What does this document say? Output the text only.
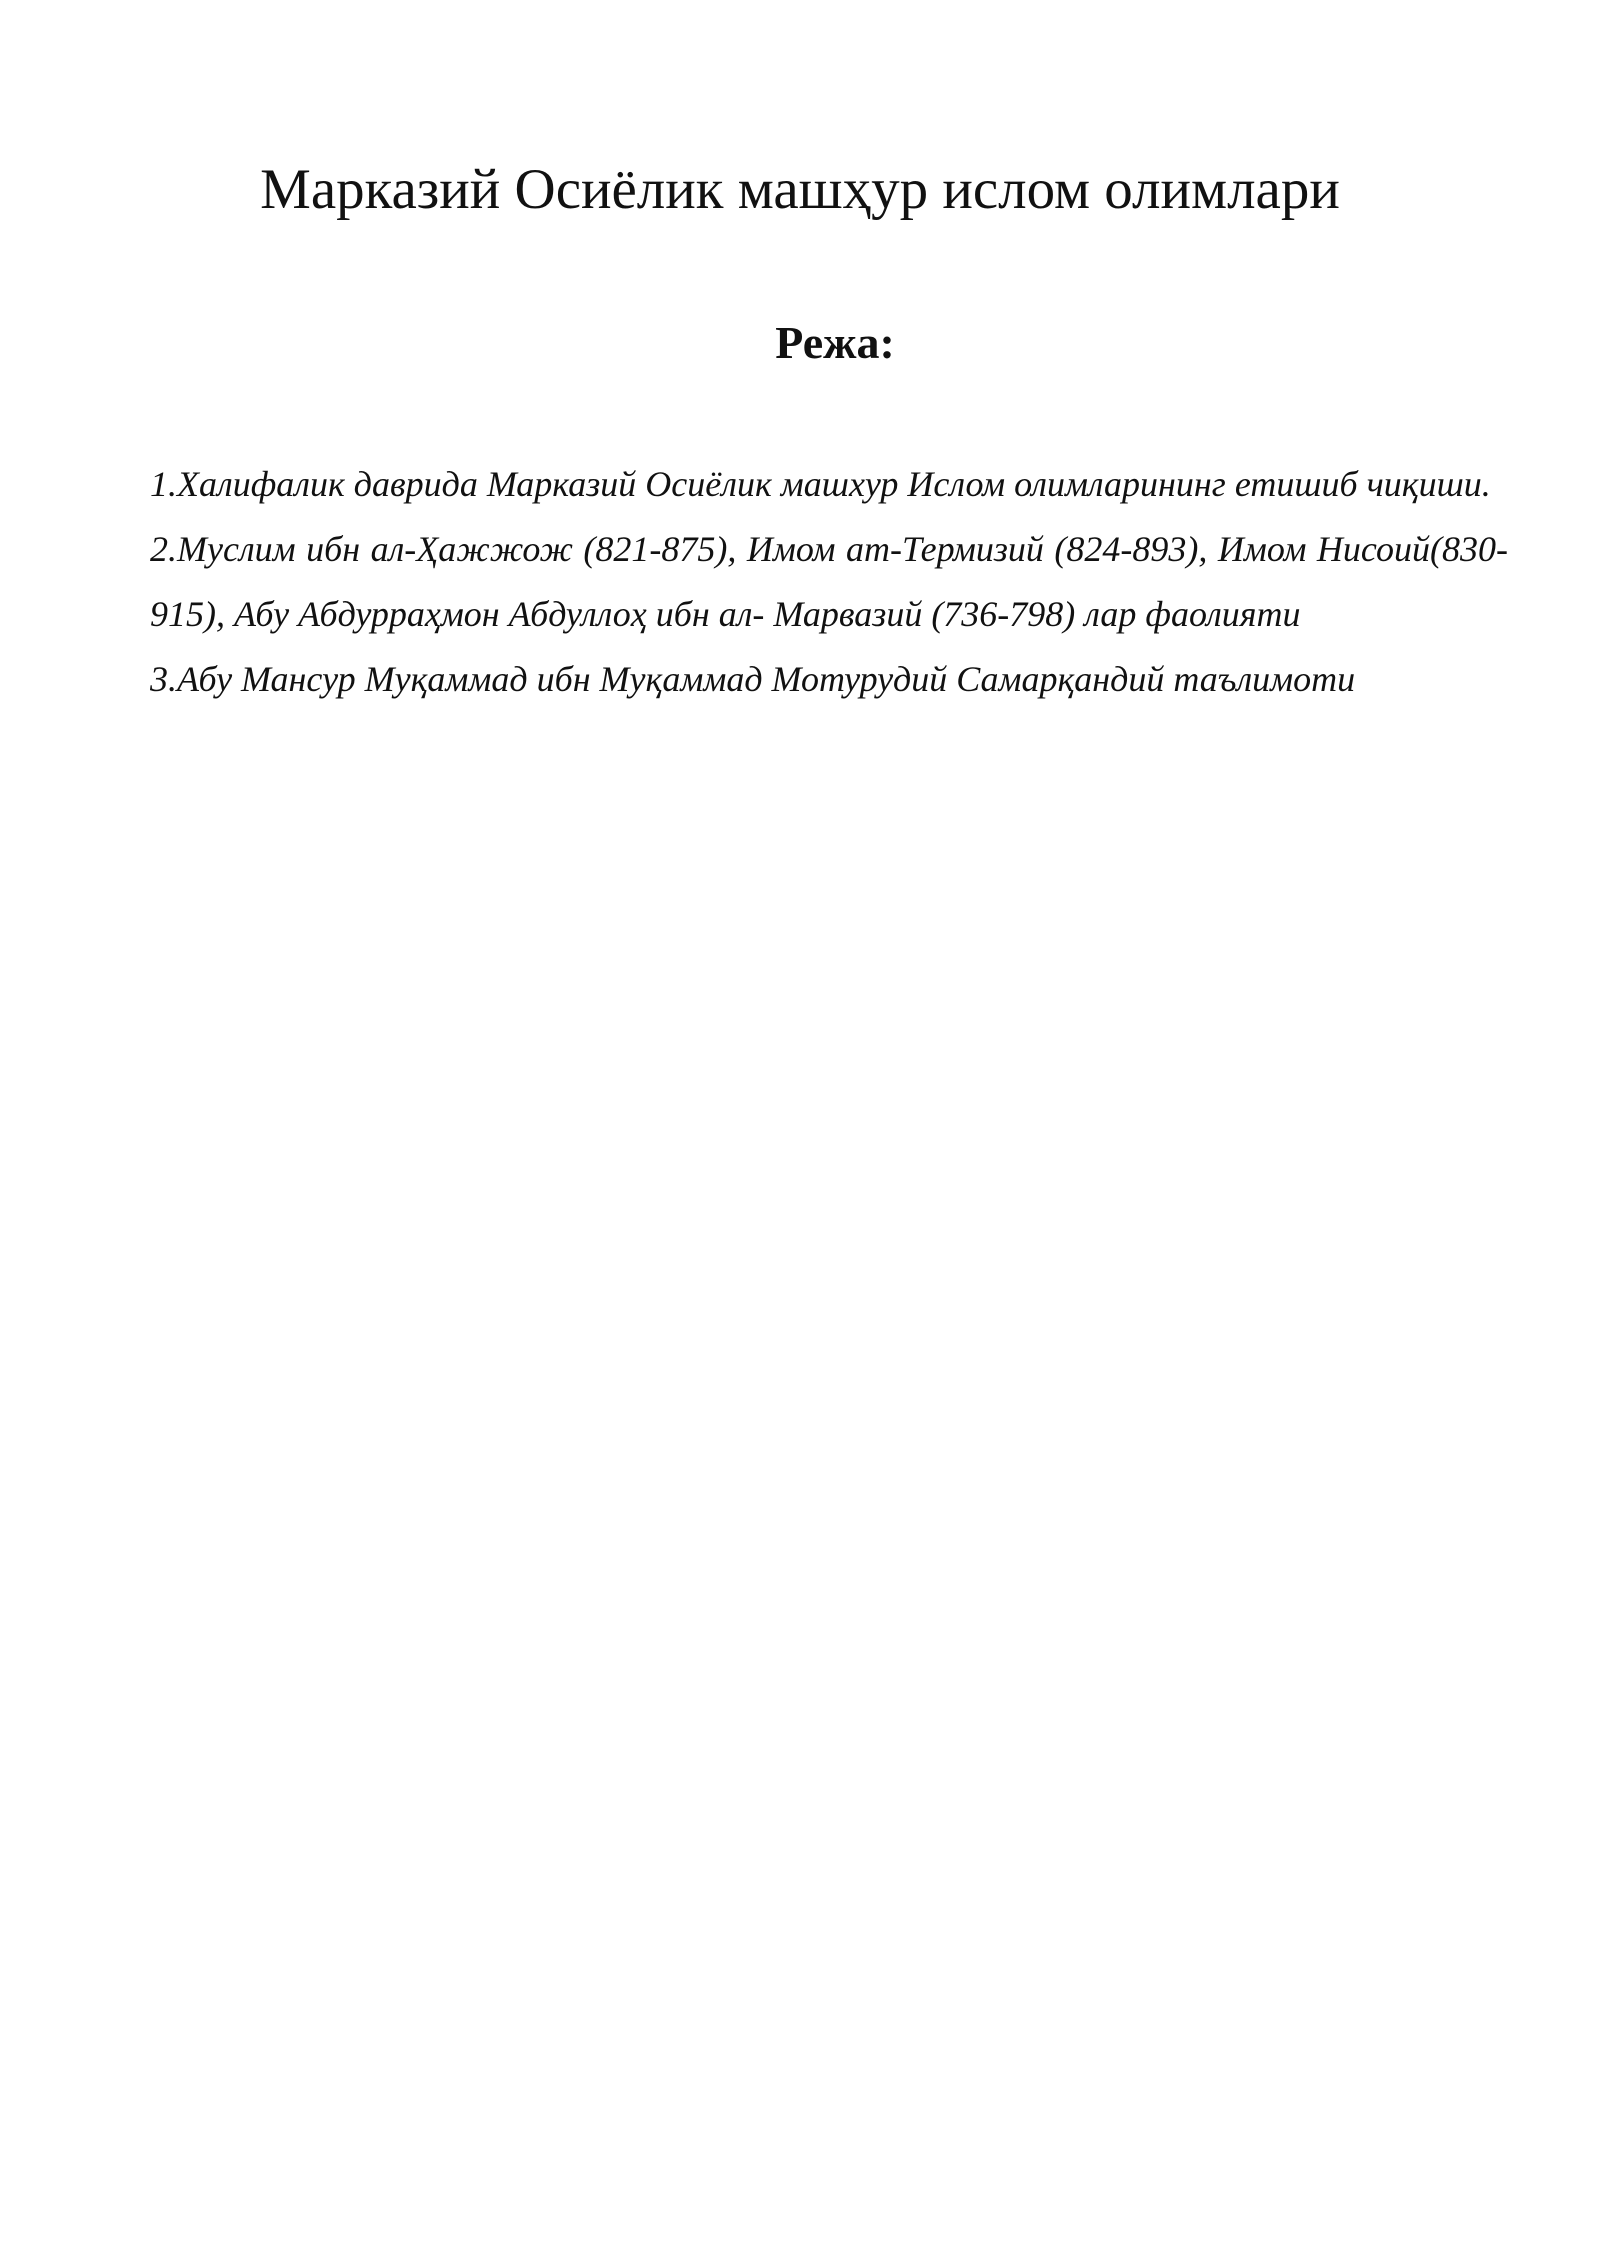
Марказий Осиёлик машҳур ислом олимлари
Режа:
1.Халифалик даврида Марказий Осиёлик машхур Ислом олимларининг етишиб чиқиши.
2.Муслим ибн ал-Ҳажжож (821-875), Имом ат-Термизий (824-893), Имом Нисоий(830-915), Абу Абдурраҳмон Абдуллоҳ ибн ал- Марвазий (736-798) лар фаолияти
3.Абу Мансур Муқаммад ибн Муқаммад Мотурудий Самарқандий таълимоти
